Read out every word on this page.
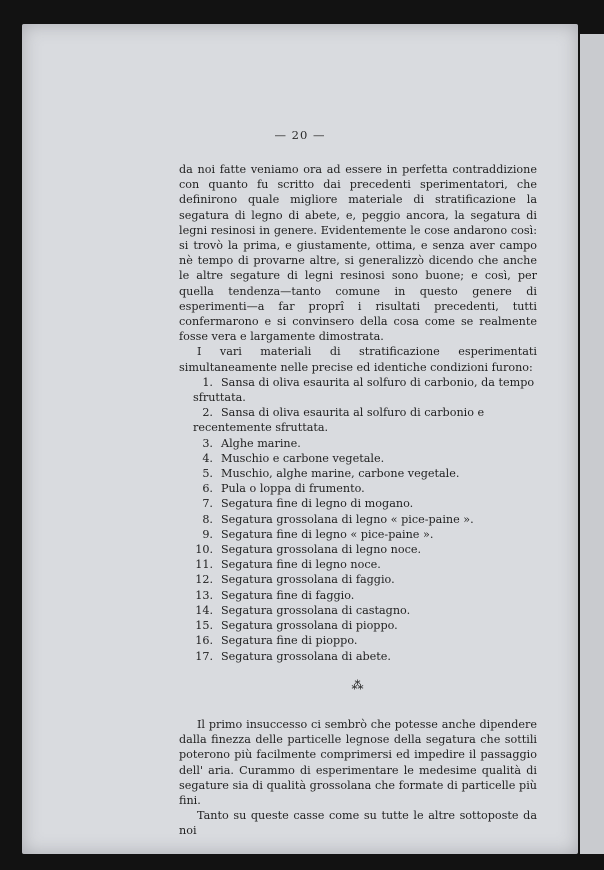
— 20 —

da noi fatte veniamo ora ad essere in perfetta contraddizione con quanto fu scritto dai precedenti sperimentatori, che definirono quale migliore materiale di stratificazione la segatura di legno di abete, e, peggio ancora, la segatura di legni resinosi in genere. Evidentemente le cose andarono così: si trovò la prima, e giustamente, ottima, e senza aver campo nè tempo di provarne altre, si generalizzò dicendo che anche le altre segature di legni resinosi sono buone; e così, per quella tendenza—tanto comune in questo genere di esperimenti—a far proprî i risultati precedenti, tutti confermarono e si convinsero della cosa come se realmente fosse vera e largamente dimostrata.

I vari materiali di stratificazione esperimentati simultaneamente nelle precise ed identiche condizioni furono:

1. Sansa di oliva esaurita al solfuro di carbonio, da tempo sfruttata.
2. Sansa di oliva esaurita al solfuro di carbonio e recentemente sfruttata.
3. Alghe marine.
4. Muschio e carbone vegetale.
5. Muschio, alghe marine, carbone vegetale.
6. Pula o loppa di frumento.
7. Segatura fine di legno di mogano.
8. Segatura grossolana di legno « pice-paine ».
9. Segatura fine di legno « pice-paine ».
10. Segatura grossolana di legno noce.
11. Segatura fine di legno noce.
12. Segatura grossolana di faggio.
13. Segatura fine di faggio.
14. Segatura grossolana di castagno.
15. Segatura grossolana di pioppo.
16. Segatura fine di pioppo.
17. Segatura grossolana di abete.
⁂

Il primo insuccesso ci sembrò che potesse anche dipendere dalla finezza delle particelle legnose della segatura che sottili poterono più facilmente comprimersi ed impedire il passaggio dell' aria. Curammo di esperimentare le medesime qualità di segature sia di qualità grossolana che formate di particelle più fini.

Tanto su queste casse come su tutte le altre sottoposte da noi
